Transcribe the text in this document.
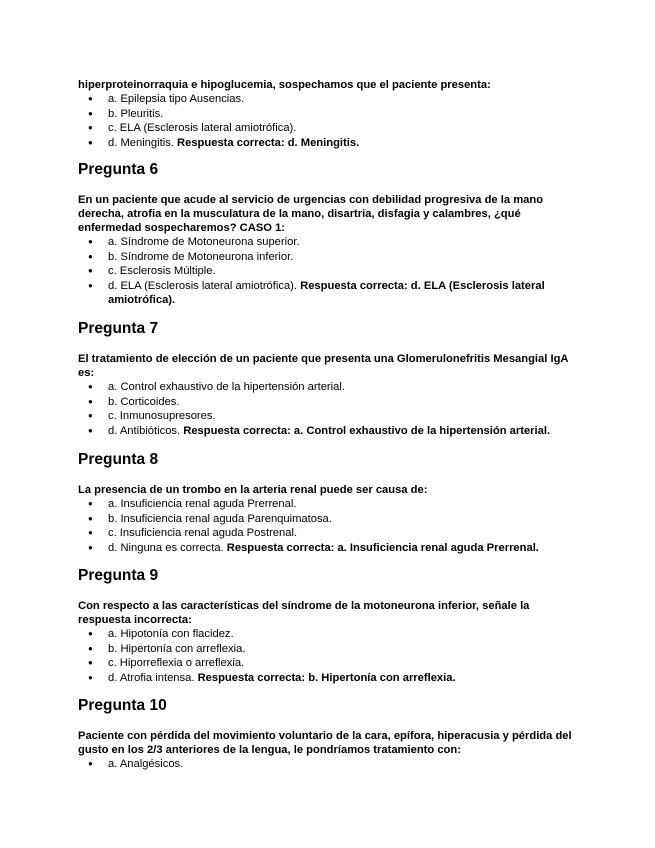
hiperproteinorraquia e hipoglucemia, sospechamos que el paciente presenta:

● a. Epilepsia tipo Ausencias.
● b. Pleuritis.
● c. ELA (Esclerosis lateral amiotrófica).
● d. Meningitis. Respuesta correcta: d. Meningitis.
Pregunta 6

En un paciente que acude al servicio de urgencias con debilidad progresiva de la mano derecha, atrofia en la musculatura de la mano, disartria, disfagia y calambres, ¿qué enfermedad sospecharemos? CASO 1:

● a. Síndrome de Motoneurona superior.
● b. Síndrome de Motoneurona inferior.
● c. Esclerosis Múltiple.
● d. ELA (Esclerosis lateral amiotrófica). Respuesta correcta: d. ELA (Esclerosis lateral amiotrófica).
Pregunta 7

El tratamiento de elección de un paciente que presenta una Glomerulonefritis Mesangial IgA es:

● a. Control exhaustivo de la hipertensión arterial.
● b. Corticoides.
● c. Inmunosupresores.
● d. Antibióticos. Respuesta correcta: a. Control exhaustivo de la hipertensión arterial.
Pregunta 8

La presencia de un trombo en la arteria renal puede ser causa de:

● a. Insuficiencia renal aguda Prerrenal.
● b. Insuficiencia renal aguda Parenquimatosa.
● c. Insuficiencia renal aguda Postrenal.
● d. Ninguna es correcta. Respuesta correcta: a. Insuficiencia renal aguda Prerrenal.
Pregunta 9

Con respecto a las características del síndrome de la motoneurona inferior, señale la respuesta incorrecta:

● a. Hipotonía con flacidez.
● b. Hipertonía con arreflexia.
● c. Hiporreflexia o arreflexia.
● d. Atrofia intensa. Respuesta correcta: b. Hipertonía con arreflexia.
Pregunta 10

Paciente con pérdida del movimiento voluntario de la cara, epífora, hiperacusia y pérdida del gusto en los 2/3 anteriores de la lengua, le pondríamos tratamiento con:

● a. Analgésicos.
